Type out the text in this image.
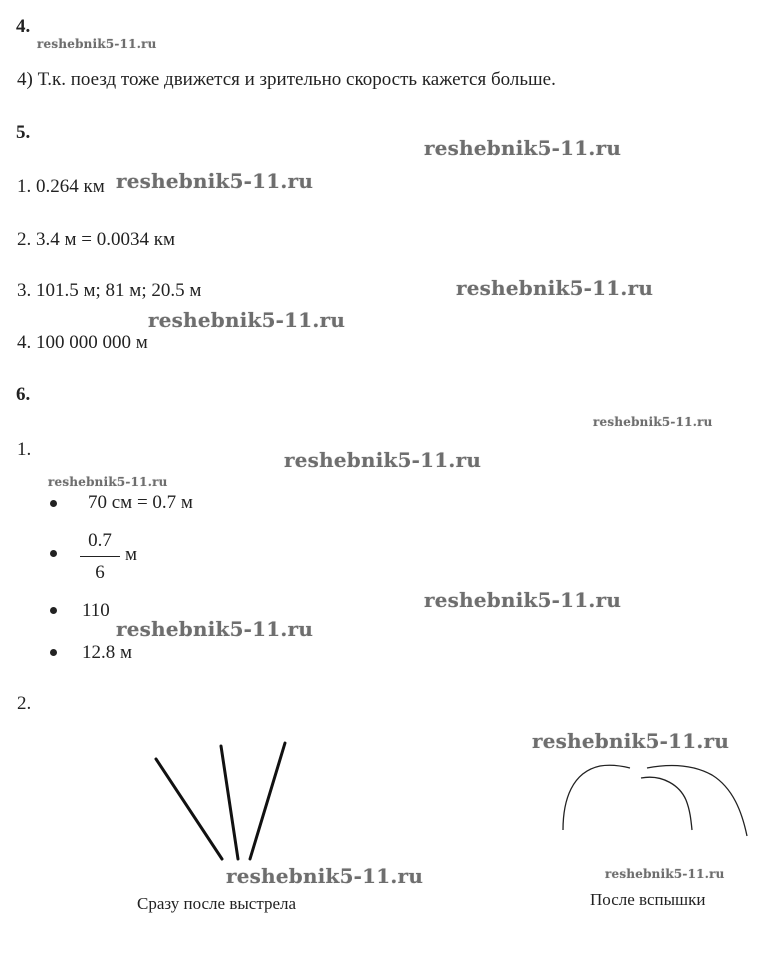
4.
reshebnik5-11.ru
4) Т.к. поезд тоже движется и зрительно скорость кажется больше.
5.
reshebnik5-11.ru
1. 0.264 км reshebnik5-11.ru
2. 3.4 м = 0.0034 км
3. 101.5 м; 81 м; 20.5 м	reshebnik5-11.ru
reshebnik5-11.ru
4. 100 000 000 м
6.
reshebnik5-11.ru
1.	reshebnik5-11.ru
reshebnik5-11.ru
70 см = 0.7 м
0.7
6
м
110	reshebnik5-11.ru
reshebnik5-11.ru
12.8 м
2.
reshebnik5-11.ru
reshebnik5-11.ru	reshebnik5-11.ru
Сразу после выстрела	После вспышки
